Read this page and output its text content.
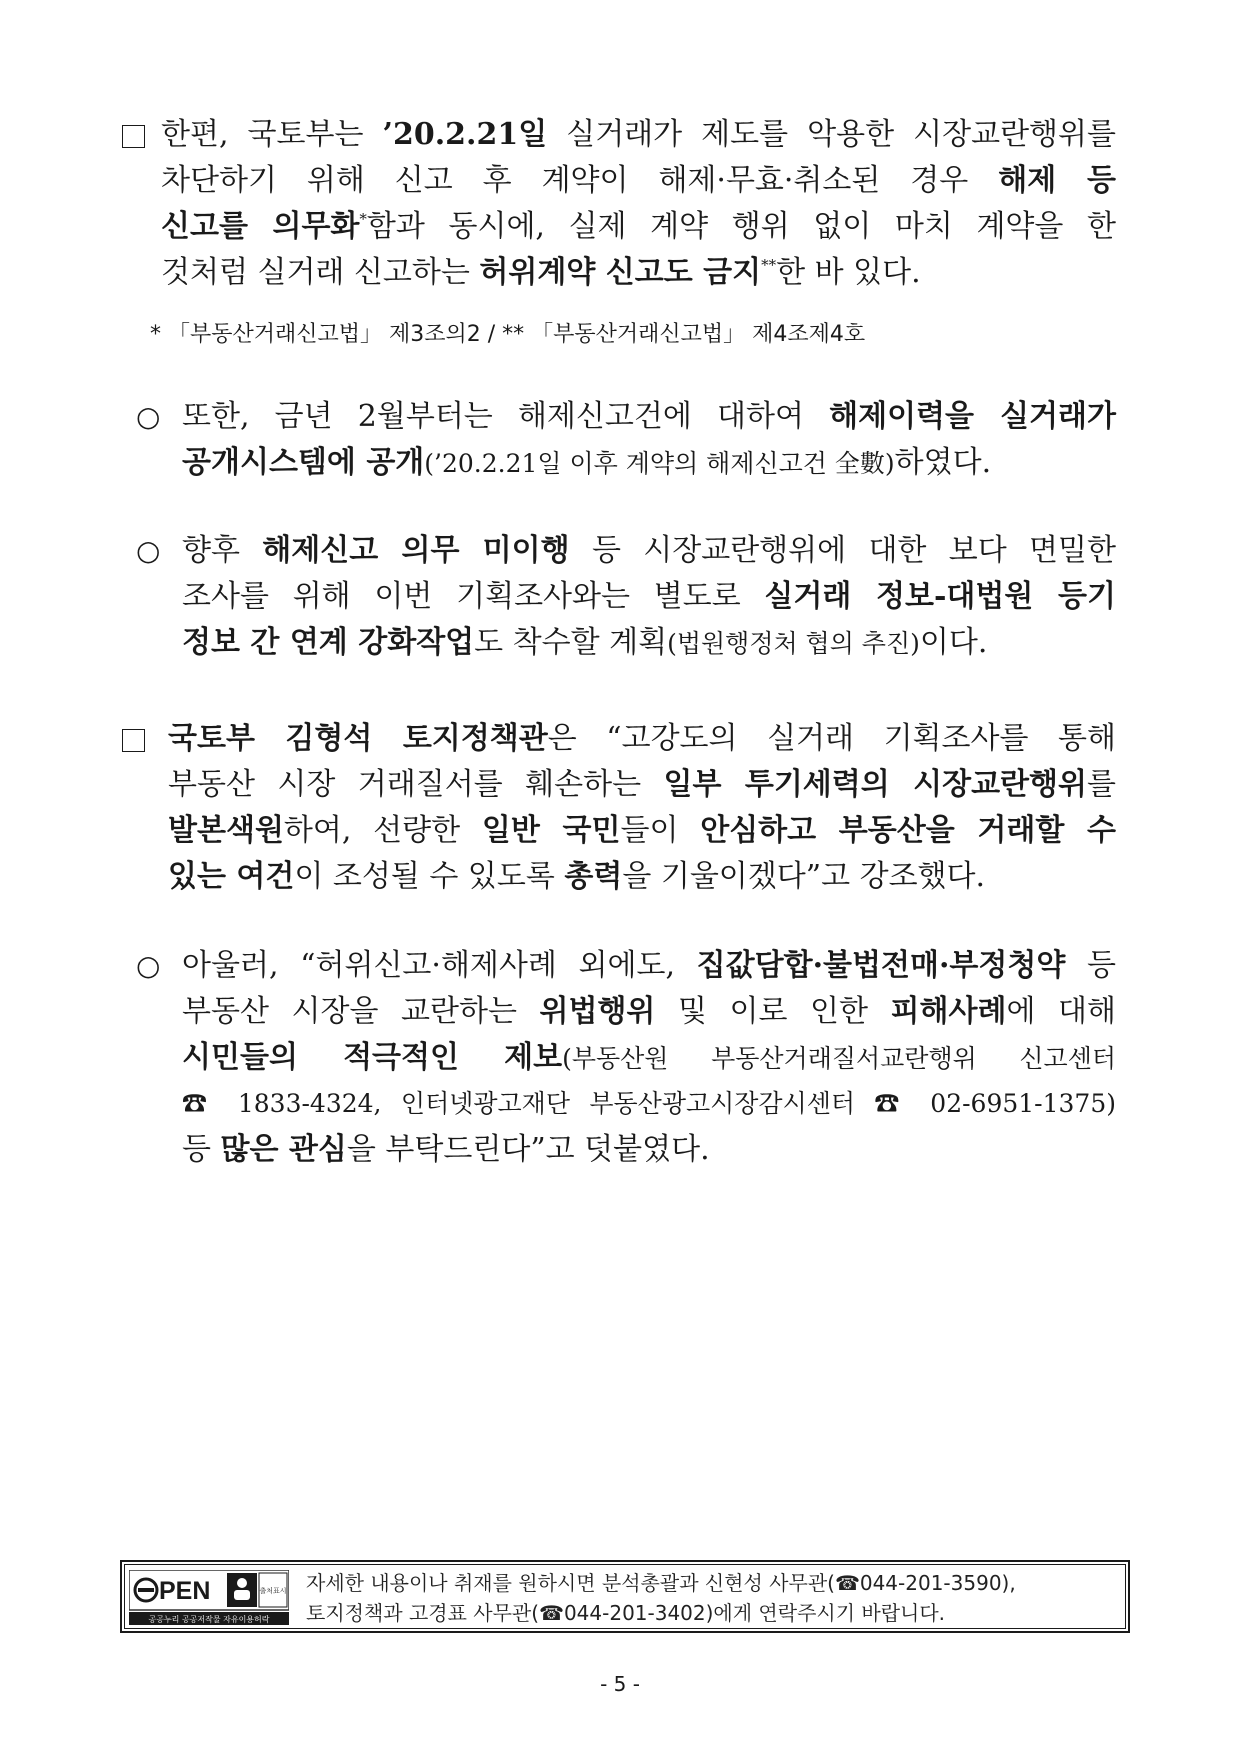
한편, 국토부는 ’20.2.21일 실거래가 제도를 악용한 시장교란행위를
차단하기 위해 신고 후 계약이 해제·무효·취소된 경우 해제 등
신고를 의무화*함과 동시에, 실제 계약 행위 없이 마치 계약을 한
것처럼 실거래 신고하는 허위계약 신고도 금지**한 바 있다.
* 「부동산거래신고법」 제3조의2 / ** 「부동산거래신고법」 제4조제4호
○ 또한, 금년 2월부터는 해제신고건에 대하여 해제이력을 실거래가
공개시스템에 공개(’20.2.21일 이후 계약의 해제신고건 全數)하였다.
○ 향후 해제신고 의무 미이행 등 시장교란행위에 대한 보다 면밀한
조사를 위해 이번 기획조사와는 별도로 실거래 정보-대법원 등기
정보 간 연계 강화작업도 착수할 계획(법원행정처 협의 추진)이다.
국토부 김형석 토지정책관은 “고강도의 실거래 기획조사를 통해
부동산 시장 거래질서를 훼손하는 일부 투기세력의 시장교란행위를
발본색원하여, 선량한 일반 국민들이 안심하고 부동산을 거래할 수
있는 여건이 조성될 수 있도록 총력을 기울이겠다”고 강조했다.
○ 아울러, “허위신고·해제사례 외에도, 집값담합·불법전매·부정청약 등
부동산 시장을 교란하는 위법행위 및 이로 인한 피해사례에 대해
시민들의 적극적인 제보(부동산원 부동산거래질서교란행위 신고센터
☎ 1833-4324, 인터넷광고재단 부동산광고시장감시센터 ☎ 02-6951-1375)
등 많은 관심을 부탁드린다”고 덧붙였다.
PEN	출처표시
공공누리 공공저작물 자유이용허락
자세한 내용이나 취재를 원하시면 분석총괄과 신현성 사무관(☎044-201-3590),
토지정책과 고경표 사무관(☎044-201-3402)에게 연락주시기 바랍니다.
- 5 -
